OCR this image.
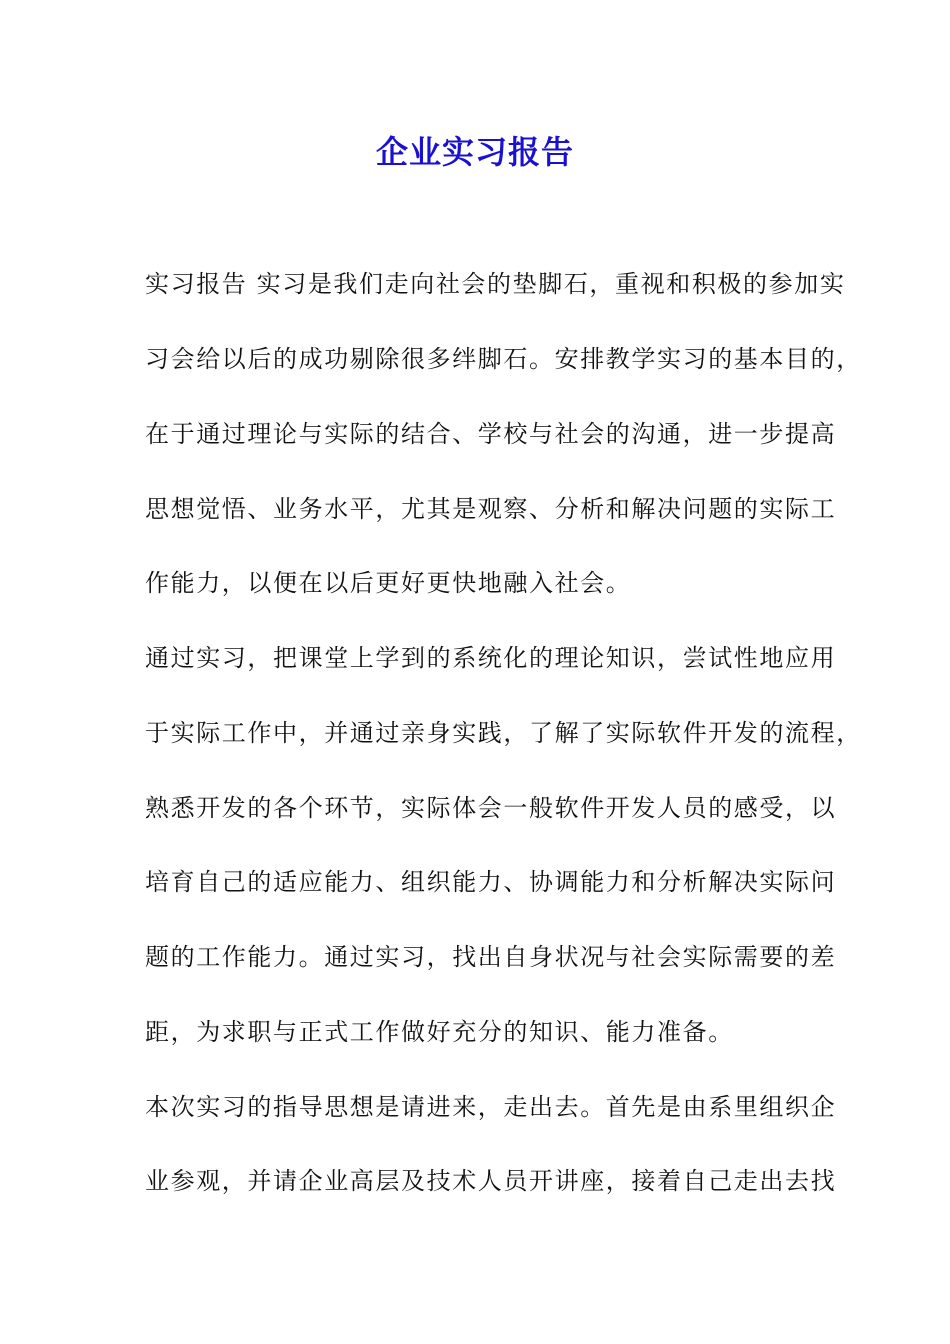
企业实习报告
实习报告 实习是我们走向社会的垫脚石，重视和积极的参加实
习会给以后的成功剔除很多绊脚石。安排教学实习的基本目的，
在于通过理论与实际的结合、学校与社会的沟通，进一步提高
思想觉悟、业务水平，尤其是观察、分析和解决问题的实际工
作能力，以便在以后更好更快地融入社会。
通过实习，把课堂上学到的系统化的理论知识，尝试性地应用
于实际工作中，并通过亲身实践，了解了实际软件开发的流程，
熟悉开发的各个环节，实际体会一般软件开发人员的感受，以
培育自己的适应能力、组织能力、协调能力和分析解决实际问
题的工作能力。通过实习，找出自身状况与社会实际需要的差
距，为求职与正式工作做好充分的知识、能力准备。
本次实习的指导思想是请进来，走出去。首先是由系里组织企
业参观，并请企业高层及技术人员开讲座，接着自己走出去找
